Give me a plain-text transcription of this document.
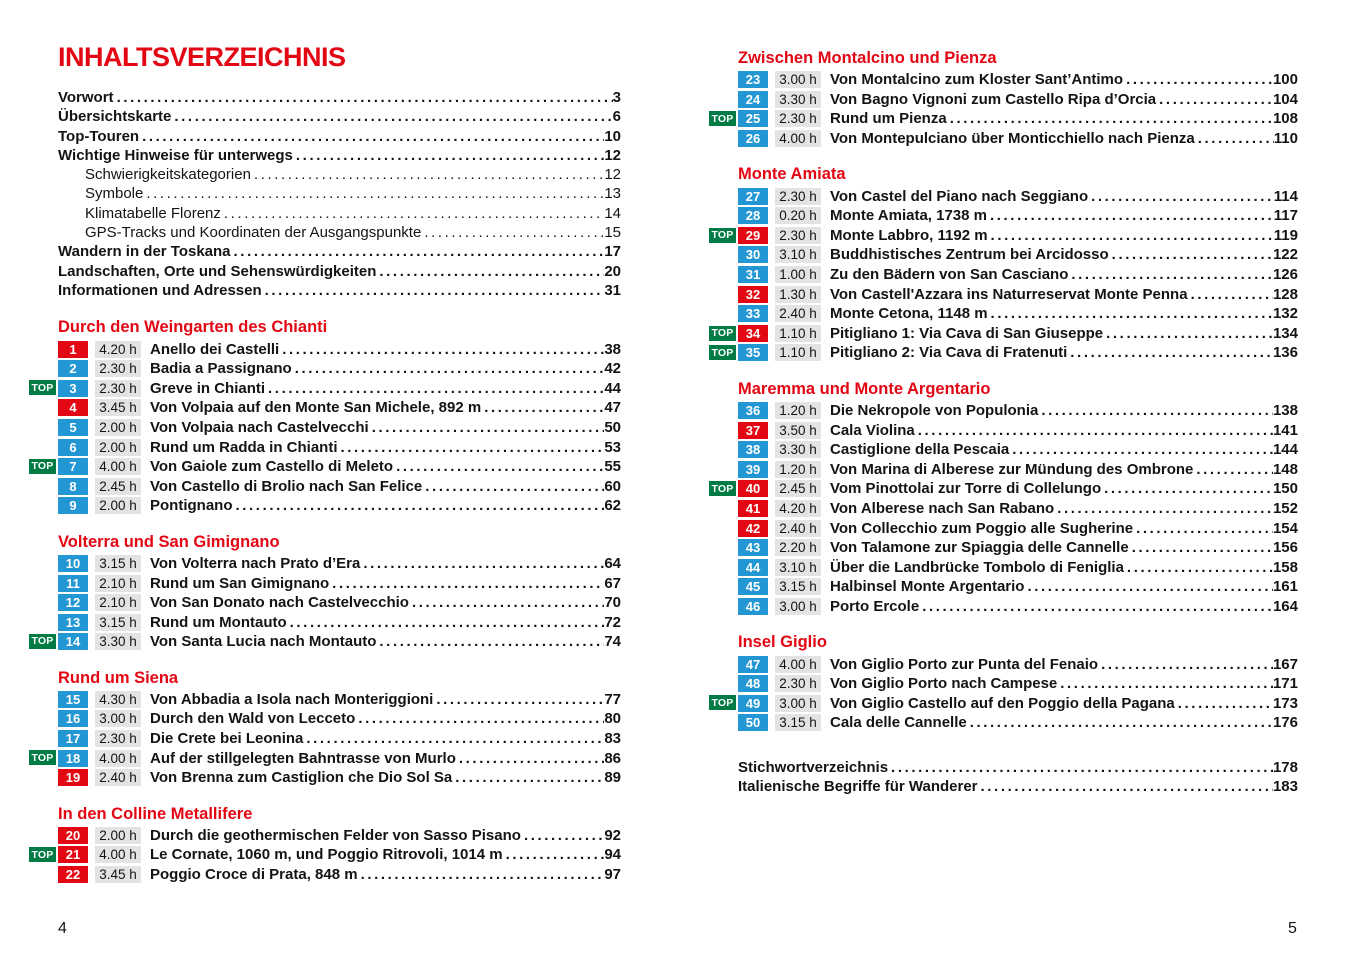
INHALTSVERZEICHNIS
Vorwort .....	3
Übersichtskarte .....	6
Top-Touren .....	10
Wichtige Hinweise für unterwegs .....	12
Schwierigkeitskategorien .....	12
Symbole .....	13
Klimatabelle Florenz .....	14
GPS-Tracks und Koordinaten der Ausgangspunkte .....	15
Wandern in der Toskana .....	17
Landschaften, Orte und Sehenswürdigkeiten .....	20
Informationen und Adressen .....	31
Durch den Weingarten des Chianti
1	4.20 h Anello dei Castelli .....	38
2	2.30 h Badia a Passignano .....	42
TOP	3	2.30 h Greve in Chianti .....	44
4	3.45 h Von Volpaia auf den Monte San Michele, 892 m .....	47
5	2.00 h Von Volpaia nach Castelvecchi .....	50
6	2.00 h Rund um Radda in Chianti .....	53
TOP	7	4.00 h Von Gaiole zum Castello di Meleto .....	55
8	2.45 h Von Castello di Brolio nach San Felice .....	60
9	2.00 h Pontignano .....	62
Volterra und San Gimignano
10	3.15 h Von Volterra nach Prato d’Era .....	64
11	2.10 h Rund um San Gimignano .....	67
12	2.10 h Von San Donato nach Castelvecchio .....	70
13	3.15 h Rund um Montauto .....	72
TOP 14	3.30 h Von Santa Lucia nach Montauto .....	74
Rund um Siena
15	4.30 h Von Abbadia a Isola nach Monteriggioni .....	77
16	3.00 h Durch den Wald von Lecceto .....	80
17	2.30 h Die Crete bei Leonina .....	83
TOP 18	4.00 h Auf der stillgelegten Bahntrasse von Murlo .....	86
19	2.40 h Von Brenna zum Castiglion che Dio Sol Sa .....	89
In den Colline Metallifere
20	2.00 h Durch die geothermischen Felder von Sasso Pisano .....	92
TOP 21	4.00 h Le Cornate, 1060 m, und Poggio Ritrovoli, 1014 m .....	94
22	3.45 h Poggio Croce di Prata, 848 m .....	97
Zwischen Montalcino und Pienza
23	3.00 h Von Montalcino zum Kloster Sant’Antimo .....	100
24	3.30 h Von Bagno Vignoni zum Castello Ripa d’Orcia .....	104
TOP 25	2.30 h Rund um Pienza .....	108
26	4.00 h Von Montepulciano über Monticchiello nach Pienza .....	110
Monte Amiata
27	2.30 h Von Castel del Piano nach Seggiano .....	114
28	0.20 h Monte Amiata, 1738 m .....	117
TOP 29	2.30 h Monte Labbro, 1192 m .....	119
30	3.10 h Buddhistisches Zentrum bei Arcidosso .....	122
31	1.00 h Zu den Bädern von San Casciano .....	126
32	1.30 h Von Castell'Azzara ins Naturreservat Monte Penna .....	128
33	2.40 h Monte Cetona, 1148 m .....	132
TOP 34	1.10 h Pitigliano 1: Via Cava di San Giuseppe .....	134
TOP 35	1.10 h Pitigliano 2: Via Cava di Fratenuti .....	136
Maremma und Monte Argentario
36	1.20 h Die Nekropole von Populonia .....	138
37	3.50 h Cala Violina .....	141
38	3.30 h Castiglione della Pescaia .....	144
39	1.20 h Von Marina di Alberese zur Mündung des Ombrone .....	148
TOP 40	2.45 h Vom Pinottolai zur Torre di Collelungo .....	150
41	4.20 h Von Alberese nach San Rabano .....	152
42	2.40 h Von Collecchio zum Poggio alle Sugherine .....	154
43	2.20 h Von Talamone zur Spiaggia delle Cannelle .....	156
44	3.10 h Über die Landbrücke Tombolo di Feniglia .....	158
45	3.15 h Halbinsel Monte Argentario .....	161
46	3.00 h Porto Ercole .....	164
Insel Giglio
47	4.00 h Von Giglio Porto zur Punta del Fenaio .....	167
48	2.30 h Von Giglio Porto nach Campese .....	171
TOP 49	3.00 h Von Giglio Castello auf den Poggio della Pagana .....	173
50	3.15 h Cala delle Cannelle .....	176
Stichwortverzeichnis .....	178
Italienische Begriffe für Wanderer .....	183
4	5
